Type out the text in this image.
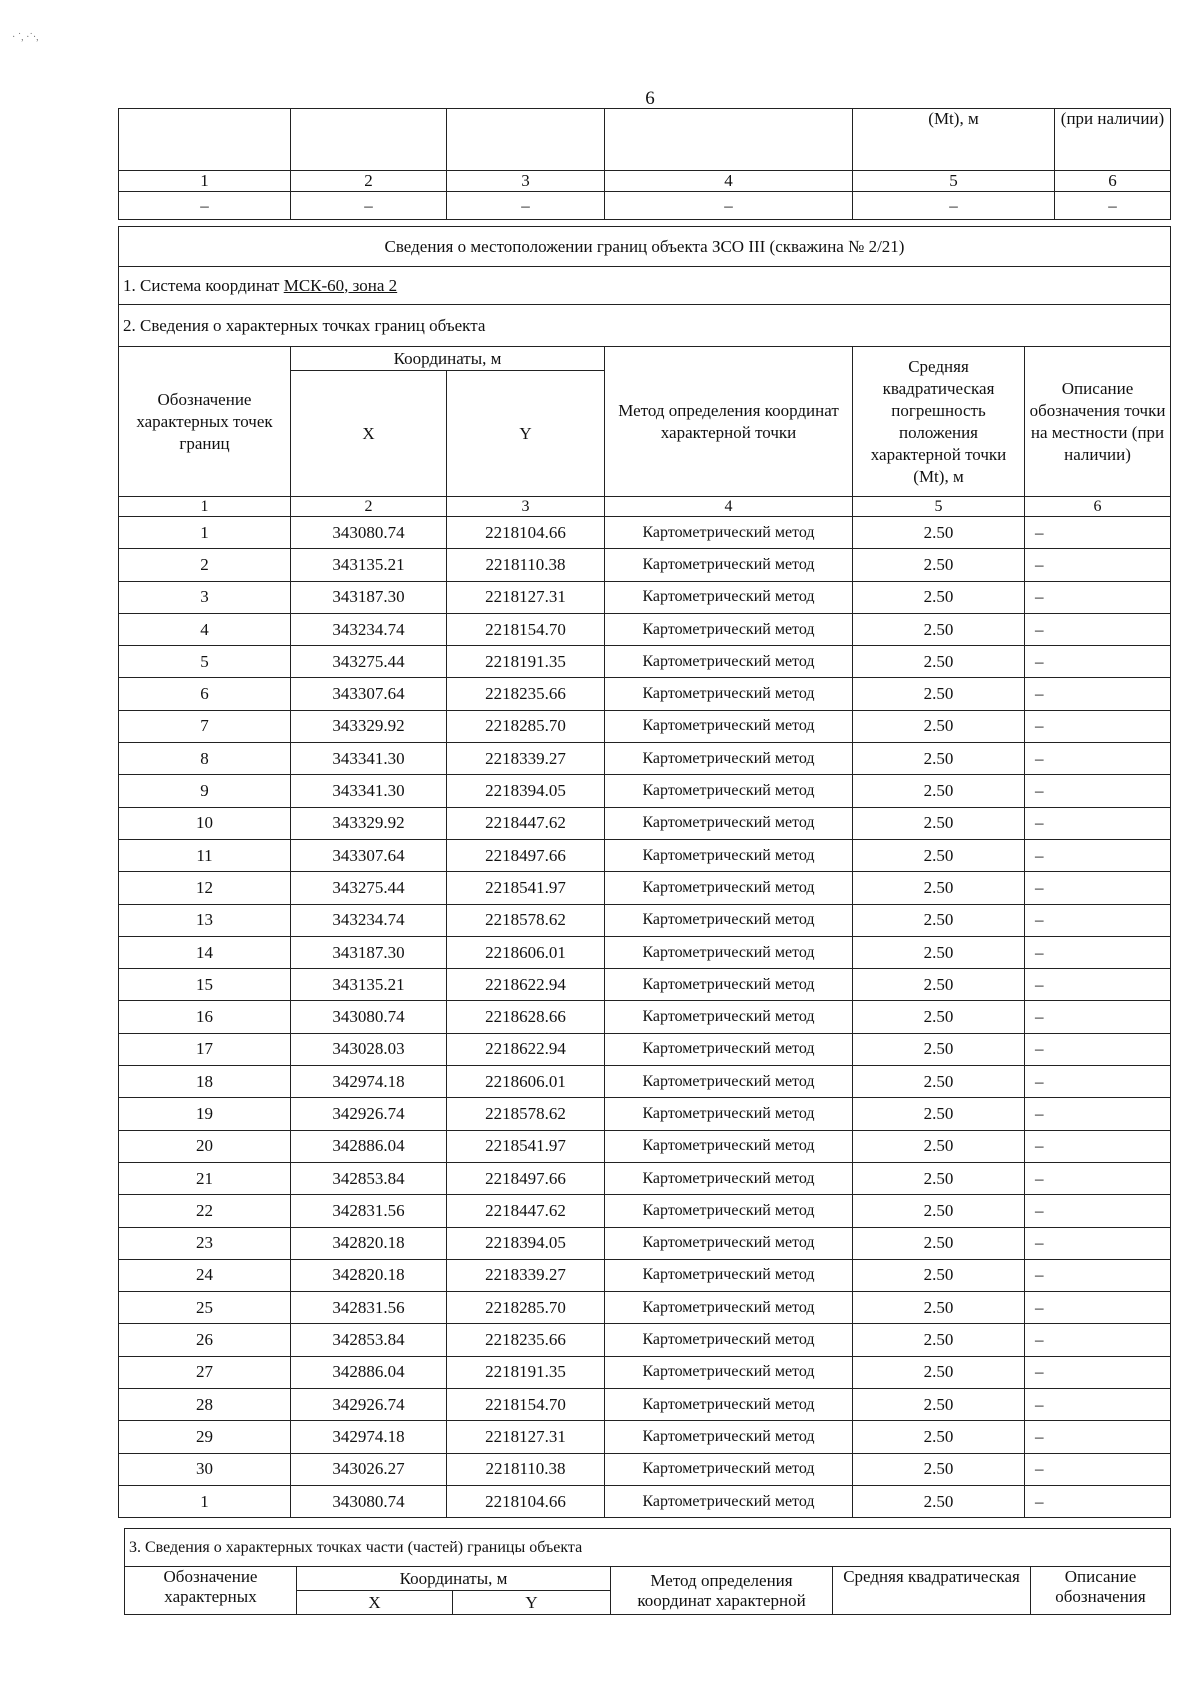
· ˙, ·˙·,
6
				(Mt), м	(при наличии)
1	2	3	4	5	6
–	–	–	–	–	–
Сведения о местоположении границ объекта ЗСО III (скважина № 2/21)					
1. Система координат МСК-60, зона 2					
2. Сведения о характерных точках границ объекта					
Обозначение характерных точек границ	Координаты, м		Метод определения координат характерной точки	Средняя квадратическая погрешность положения характерной точки (Mt), м	Описание обозначения точки на местности (при наличии)
	X	Y			
1	2	3	4	5	6
1	343080.74	2218104.66	Картометрический метод	2.50	–
2	343135.21	2218110.38	Картометрический метод	2.50	–
3	343187.30	2218127.31	Картометрический метод	2.50	–
4	343234.74	2218154.70	Картометрический метод	2.50	–
5	343275.44	2218191.35	Картометрический метод	2.50	–
6	343307.64	2218235.66	Картометрический метод	2.50	–
7	343329.92	2218285.70	Картометрический метод	2.50	–
8	343341.30	2218339.27	Картометрический метод	2.50	–
9	343341.30	2218394.05	Картометрический метод	2.50	–
10	343329.92	2218447.62	Картометрический метод	2.50	–
11	343307.64	2218497.66	Картометрический метод	2.50	–
12	343275.44	2218541.97	Картометрический метод	2.50	–
13	343234.74	2218578.62	Картометрический метод	2.50	–
14	343187.30	2218606.01	Картометрический метод	2.50	–
15	343135.21	2218622.94	Картометрический метод	2.50	–
16	343080.74	2218628.66	Картометрический метод	2.50	–
17	343028.03	2218622.94	Картометрический метод	2.50	–
18	342974.18	2218606.01	Картометрический метод	2.50	–
19	342926.74	2218578.62	Картометрический метод	2.50	–
20	342886.04	2218541.97	Картометрический метод	2.50	–
21	342853.84	2218497.66	Картометрический метод	2.50	–
22	342831.56	2218447.62	Картометрический метод	2.50	–
23	342820.18	2218394.05	Картометрический метод	2.50	–
24	342820.18	2218339.27	Картометрический метод	2.50	–
25	342831.56	2218285.70	Картометрический метод	2.50	–
26	342853.84	2218235.66	Картометрический метод	2.50	–
27	342886.04	2218191.35	Картометрический метод	2.50	–
28	342926.74	2218154.70	Картометрический метод	2.50	–
29	342974.18	2218127.31	Картометрический метод	2.50	–
30	343026.27	2218110.38	Картометрический метод	2.50	–
1	343080.74	2218104.66	Картометрический метод	2.50	–
3. Сведения о характерных точках части (частей) границы объекта					
Обозначение характерных	Координаты, м		Метод определения координат характерной	Средняя квадратическая	Описание обозначения
	X	Y			
